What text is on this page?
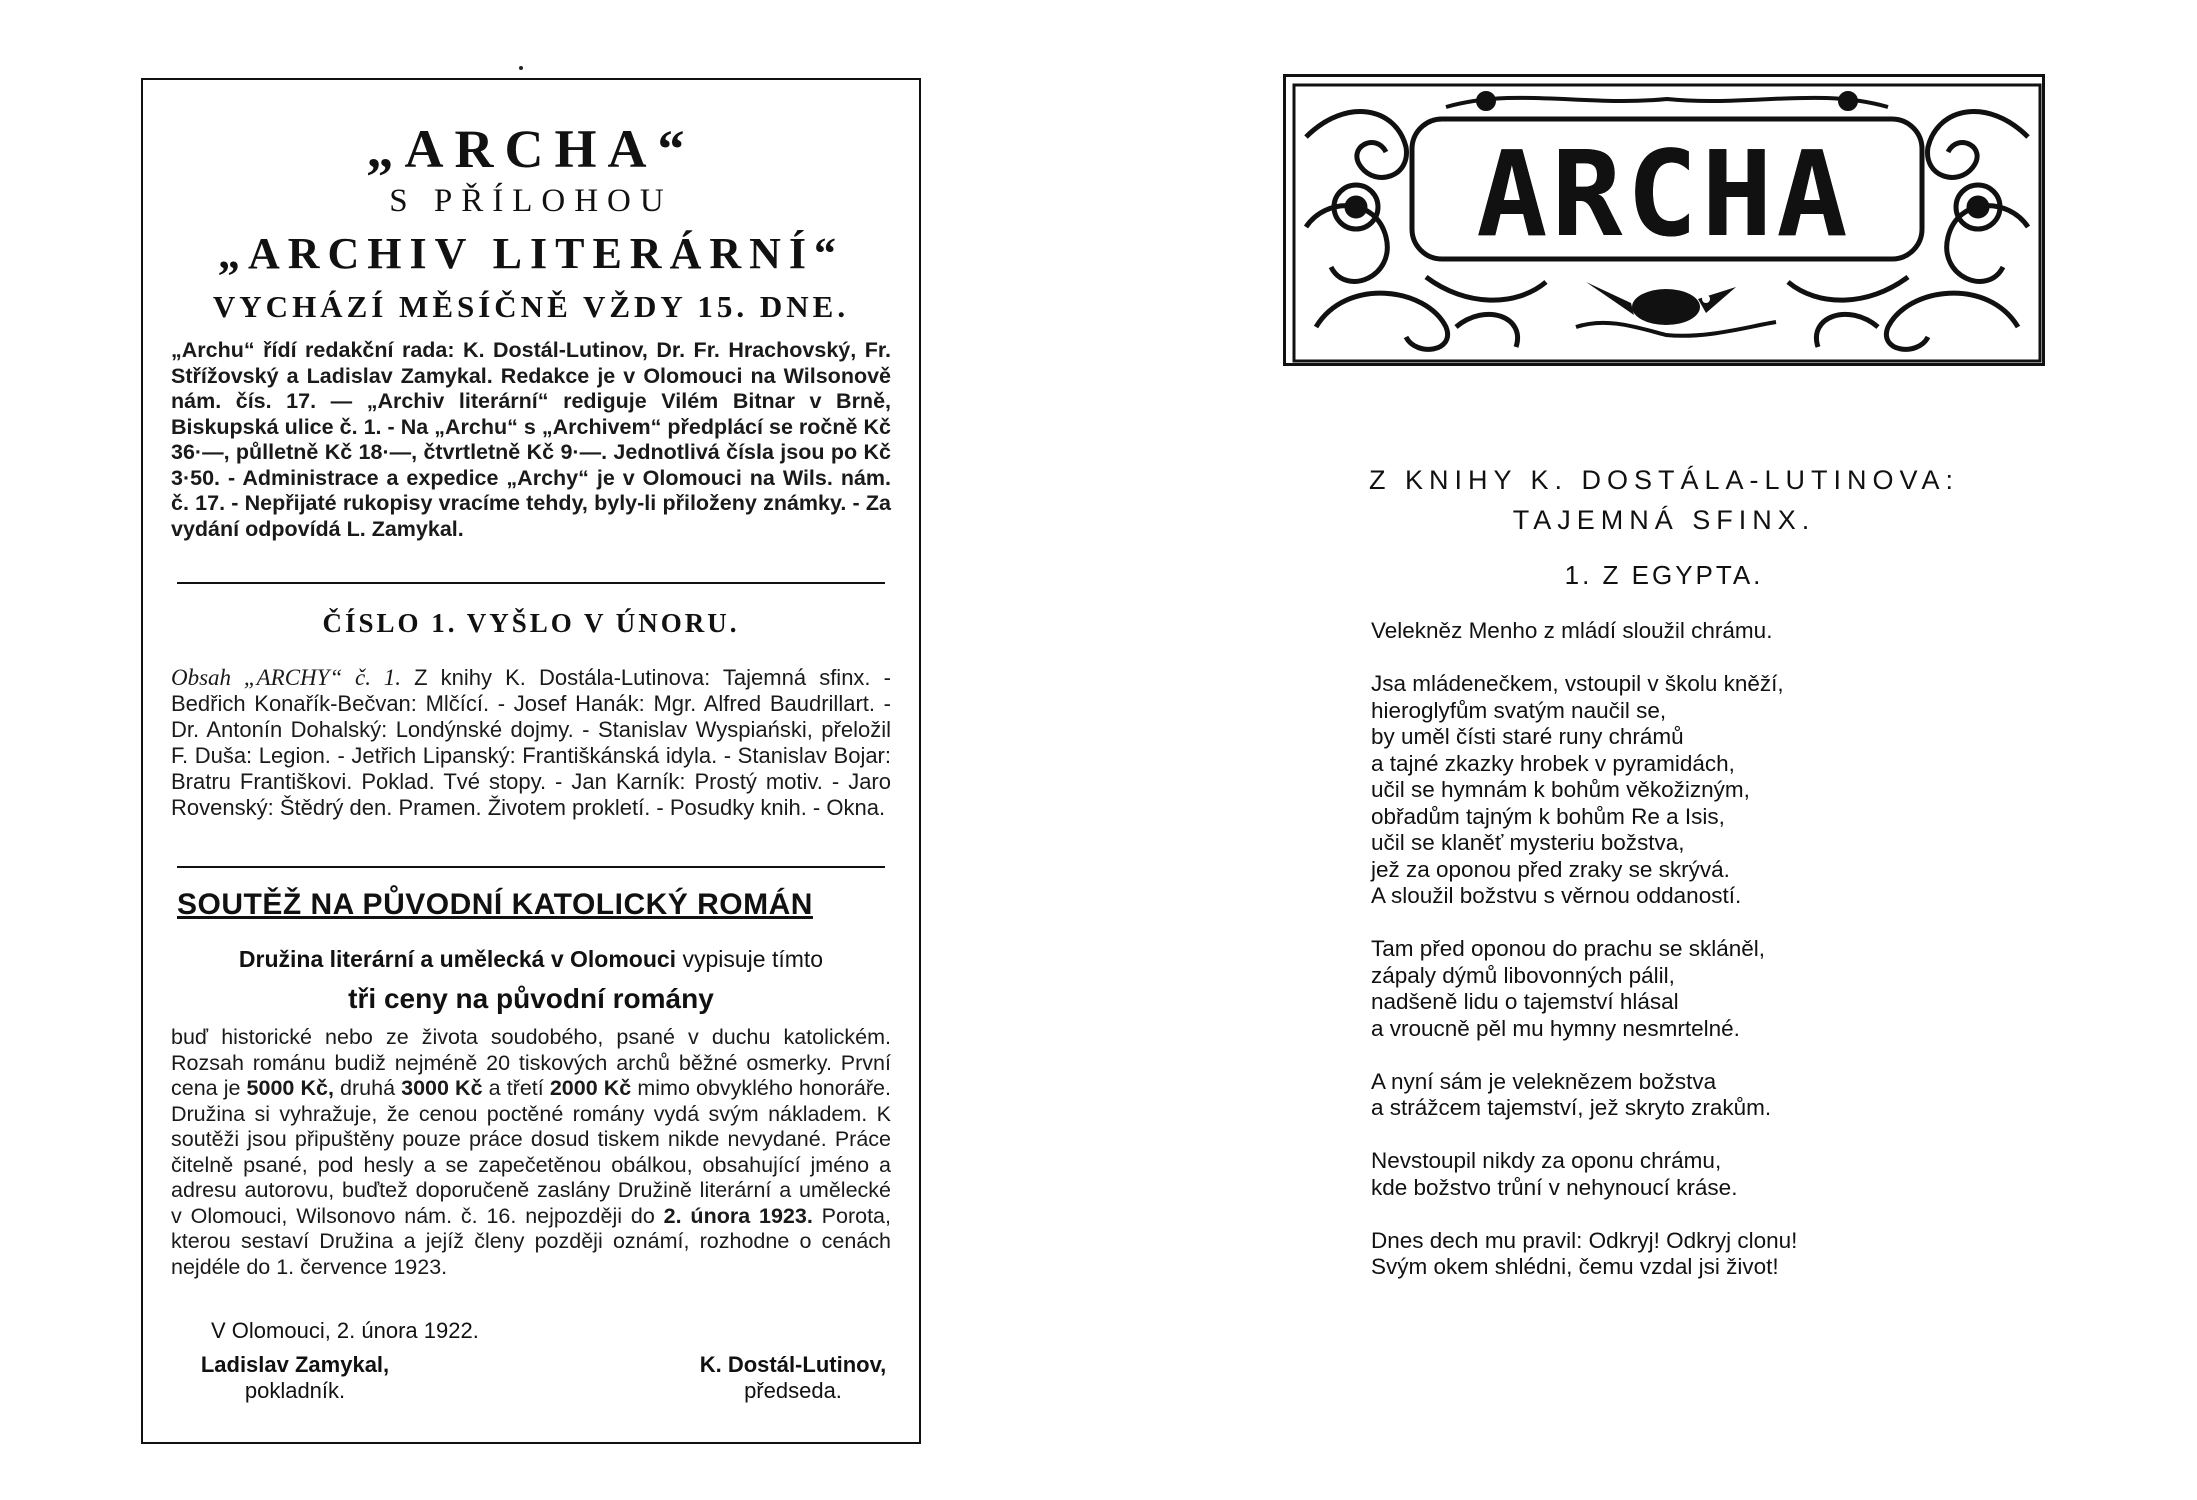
„ARCHA“
S PŘÍLOHOU
„ARCHIV LITERÁRNÍ“
VYCHÁZÍ MĚSÍČNĚ VŽDY 15. DNE.
„Archu“ řídí redakční rada: K. Dostál-Lutinov, Dr. Fr. Hrachovský, Fr. Střížovský a Ladislav Zamykal. Redakce je v Olomouci na Wilsonově nám. čís. 17. — „Archiv literární“ rediguje Vilém Bitnar v Brně, Biskupská ulice č. 1. - Na „Archu“ s „Archivem“ předplácí se ročně Kč 36·—, půlletně Kč 18·—, čtvrtletně Kč 9·—. Jednotlivá čísla jsou po Kč 3·50. - Administrace a expedice „Archy“ je v Olomouci na Wils. nám. č. 17. - Nepřijaté rukopisy vracíme tehdy, byly-li přiloženy známky. - Za vydání odpovídá L. Zamykal.
ČÍSLO 1. VYŠLO V ÚNORU.
Obsah „ARCHY“ č. 1. Z knihy K. Dostála-Lutinova: Tajemná sfinx. - Bedřich Konařík-Bečvan: Mlčící. - Josef Hanák: Mgr. Alfred Baudrillart. - Dr. Antonín Dohalský: Londýnské dojmy. - Stanislav Wyspiański, přeložil F. Duša: Legion. - Jetřich Lipanský: Františkánská idyla. - Stanislav Bojar: Bratru Františkovi. Poklad. Tvé stopy. - Jan Karník: Prostý motiv. - Jaro Rovenský: Štědrý den. Pramen. Životem prokletí. - Posudky knih. - Okna.
SOUTĚŽ NA PŮVODNÍ KATOLICKÝ ROMÁN
Družina literární a umělecká v Olomouci vypisuje tímto
tři ceny na původní romány
buď historické nebo ze života soudobého, psané v duchu katolickém. Rozsah románu budiž nejméně 20 tiskových archů běžné osmerky. První cena je 5000 Kč, druhá 3000 Kč a třetí 2000 Kč mimo obvyklého honoráře. Družina si vyhražuje, že cenou poctěné romány vydá svým nákladem. K soutěži jsou připuštěny pouze práce dosud tiskem nikde nevydané. Práce čitelně psané, pod hesly a se zapečetěnou obálkou, obsahující jméno a adresu autorovu, buďtež doporučeně zaslány Družině literární a umělecké v Olomouci, Wilsonovo nám. č. 16. nejpozději do 2. února 1923. Porota, kterou sestaví Družina a jejíž členy později oznámí, rozhodne o cenách nejdéle do 1. července 1923.
V Olomouci, 2. února 1922.
Ladislav Zamykal,
pokladník.
K. Dostál-Lutinov,
předseda.
ARCHA
Z KNIHY K. DOSTÁLA-LUTINOVA:
TAJEMNÁ SFINX.
1. Z EGYPTA.
Velekněz Menho z mládí sloužil chrámu.
Jsa mládenečkem, vstoupil v školu kněží,
hieroglyfům svatým naučil se,
by uměl čísti staré runy chrámů
a tajné zkazky hrobek v pyramidách,
učil se hymnám k bohům věkožizným,
obřadům tajným k bohům Re a Isis,
učil se klaněť mysteriu božstva,
jež za oponou před zraky se skrývá.
A sloužil božstvu s věrnou oddaností.
Tam před oponou do prachu se skláněl,
zápaly dýmů libovonných pálil,
nadšeně lidu o tajemství hlásal
a vroucně pěl mu hymny nesmrtelné.
A nyní sám je veleknězem božstva
a strážcem tajemství, jež skryto zrakům.
Nevstoupil nikdy za oponu chrámu,
kde božstvo trůní v nehynoucí kráse.
Dnes dech mu pravil: Odkryj! Odkryj clonu!
Svým okem shlédni, čemu vzdal jsi život!
